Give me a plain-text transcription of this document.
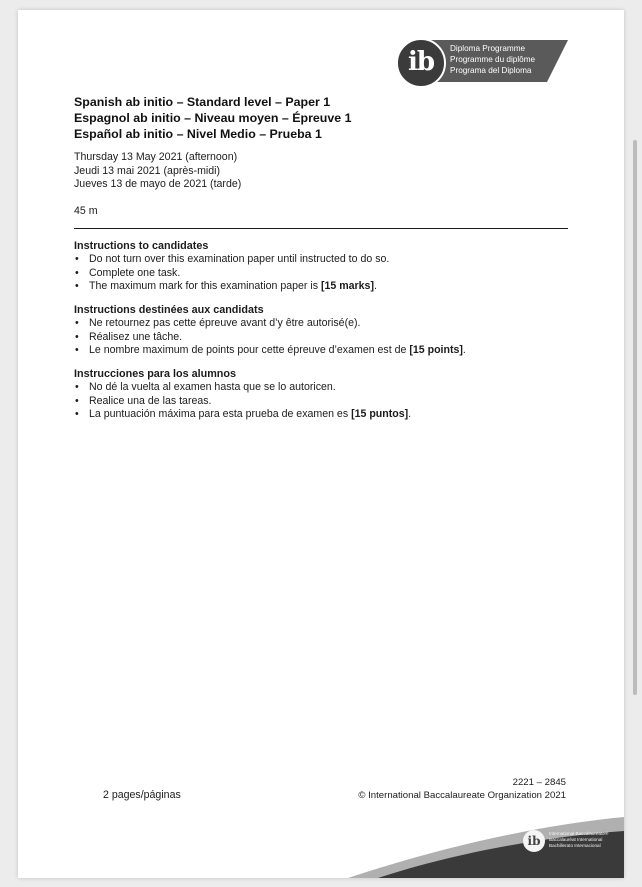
ib	Diploma Programme
Programme du diplôme
Programa del Diploma
Spanish ab initio – Standard level – Paper 1
Espagnol ab initio – Niveau moyen – Épreuve 1
Español ab initio – Nivel Medio – Prueba 1
Thursday 13 May 2021 (afternoon)
Jeudi 13 mai 2021 (après-midi)
Jueves 13 de mayo de 2021 (tarde)
45 m
Instructions to candidates
• Do not turn over this examination paper until instructed to do so.
• Complete one task.
• The maximum mark for this examination paper is [15 marks].
Instructions destinées aux candidats
• Ne retournez pas cette épreuve avant d’y être autorisé(e).
• Réalisez une tâche.
• Le nombre maximum de points pour cette épreuve d’examen est de [15 points].
Instrucciones para los alumnos
• No dé la vuelta al examen hasta que se lo autoricen.
• Realice una de las tareas.
• La puntuación máxima para esta prueba de examen es [15 puntos].
2221 – 2845
© International Baccalaureate Organization 2021
2 pages/páginas
ib
International Baccalaureate®
Baccalauréat International
Bachillerato Internacional
